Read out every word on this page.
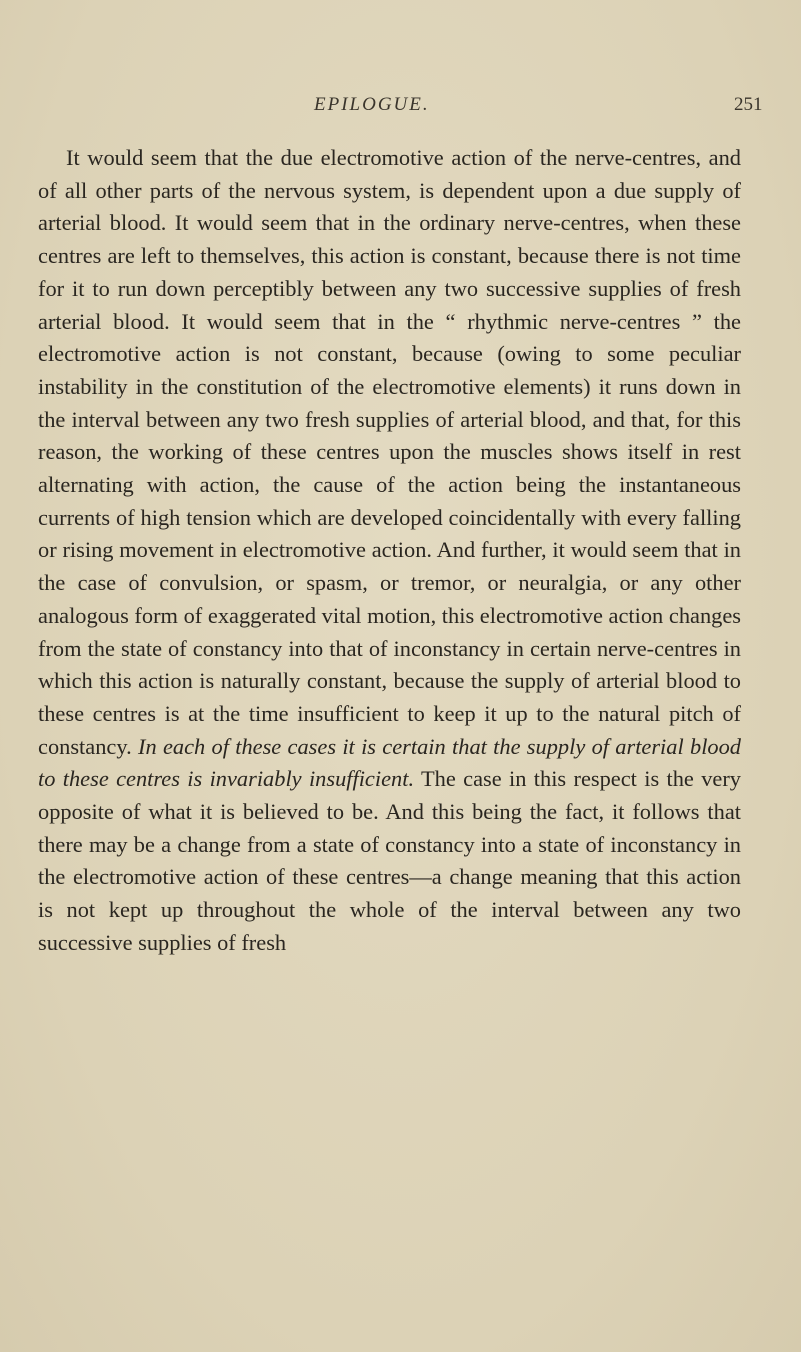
EPILOGUE.	251

It would seem that the due electromotive action of the nerve-centres, and of all other parts of the nervous system, is dependent upon a due supply of arterial blood. It would seem that in the ordinary nerve-centres, when these centres are left to themselves, this action is constant, because there is not time for it to run down perceptibly between any two successive supplies of fresh arterial blood. It would seem that in the “ rhythmic nerve-centres ” the electromotive action is not constant, because (owing to some peculiar instability in the constitution of the electromotive elements) it runs down in the interval between any two fresh supplies of arterial blood, and that, for this reason, the working of these centres upon the muscles shows itself in rest alternating with action, the cause of the action being the instantaneous currents of high tension which are developed coincidentally with every falling or rising movement in electromotive action. And further, it would seem that in the case of convulsion, or spasm, or tremor, or neuralgia, or any other analogous form of exaggerated vital motion, this electromotive action changes from the state of constancy into that of inconstancy in certain nerve-centres in which this action is naturally constant, because the supply of arterial blood to these centres is at the time insufficient to keep it up to the natural pitch of constancy. In each of these cases it is certain that the supply of arterial blood to these centres is invariably insufficient. The case in this respect is the very opposite of what it is believed to be. And this being the fact, it follows that there may be a change from a state of constancy into a state of inconstancy in the electromotive action of these centres—a change meaning that this action is not kept up throughout the whole of the interval between any two successive supplies of fresh
